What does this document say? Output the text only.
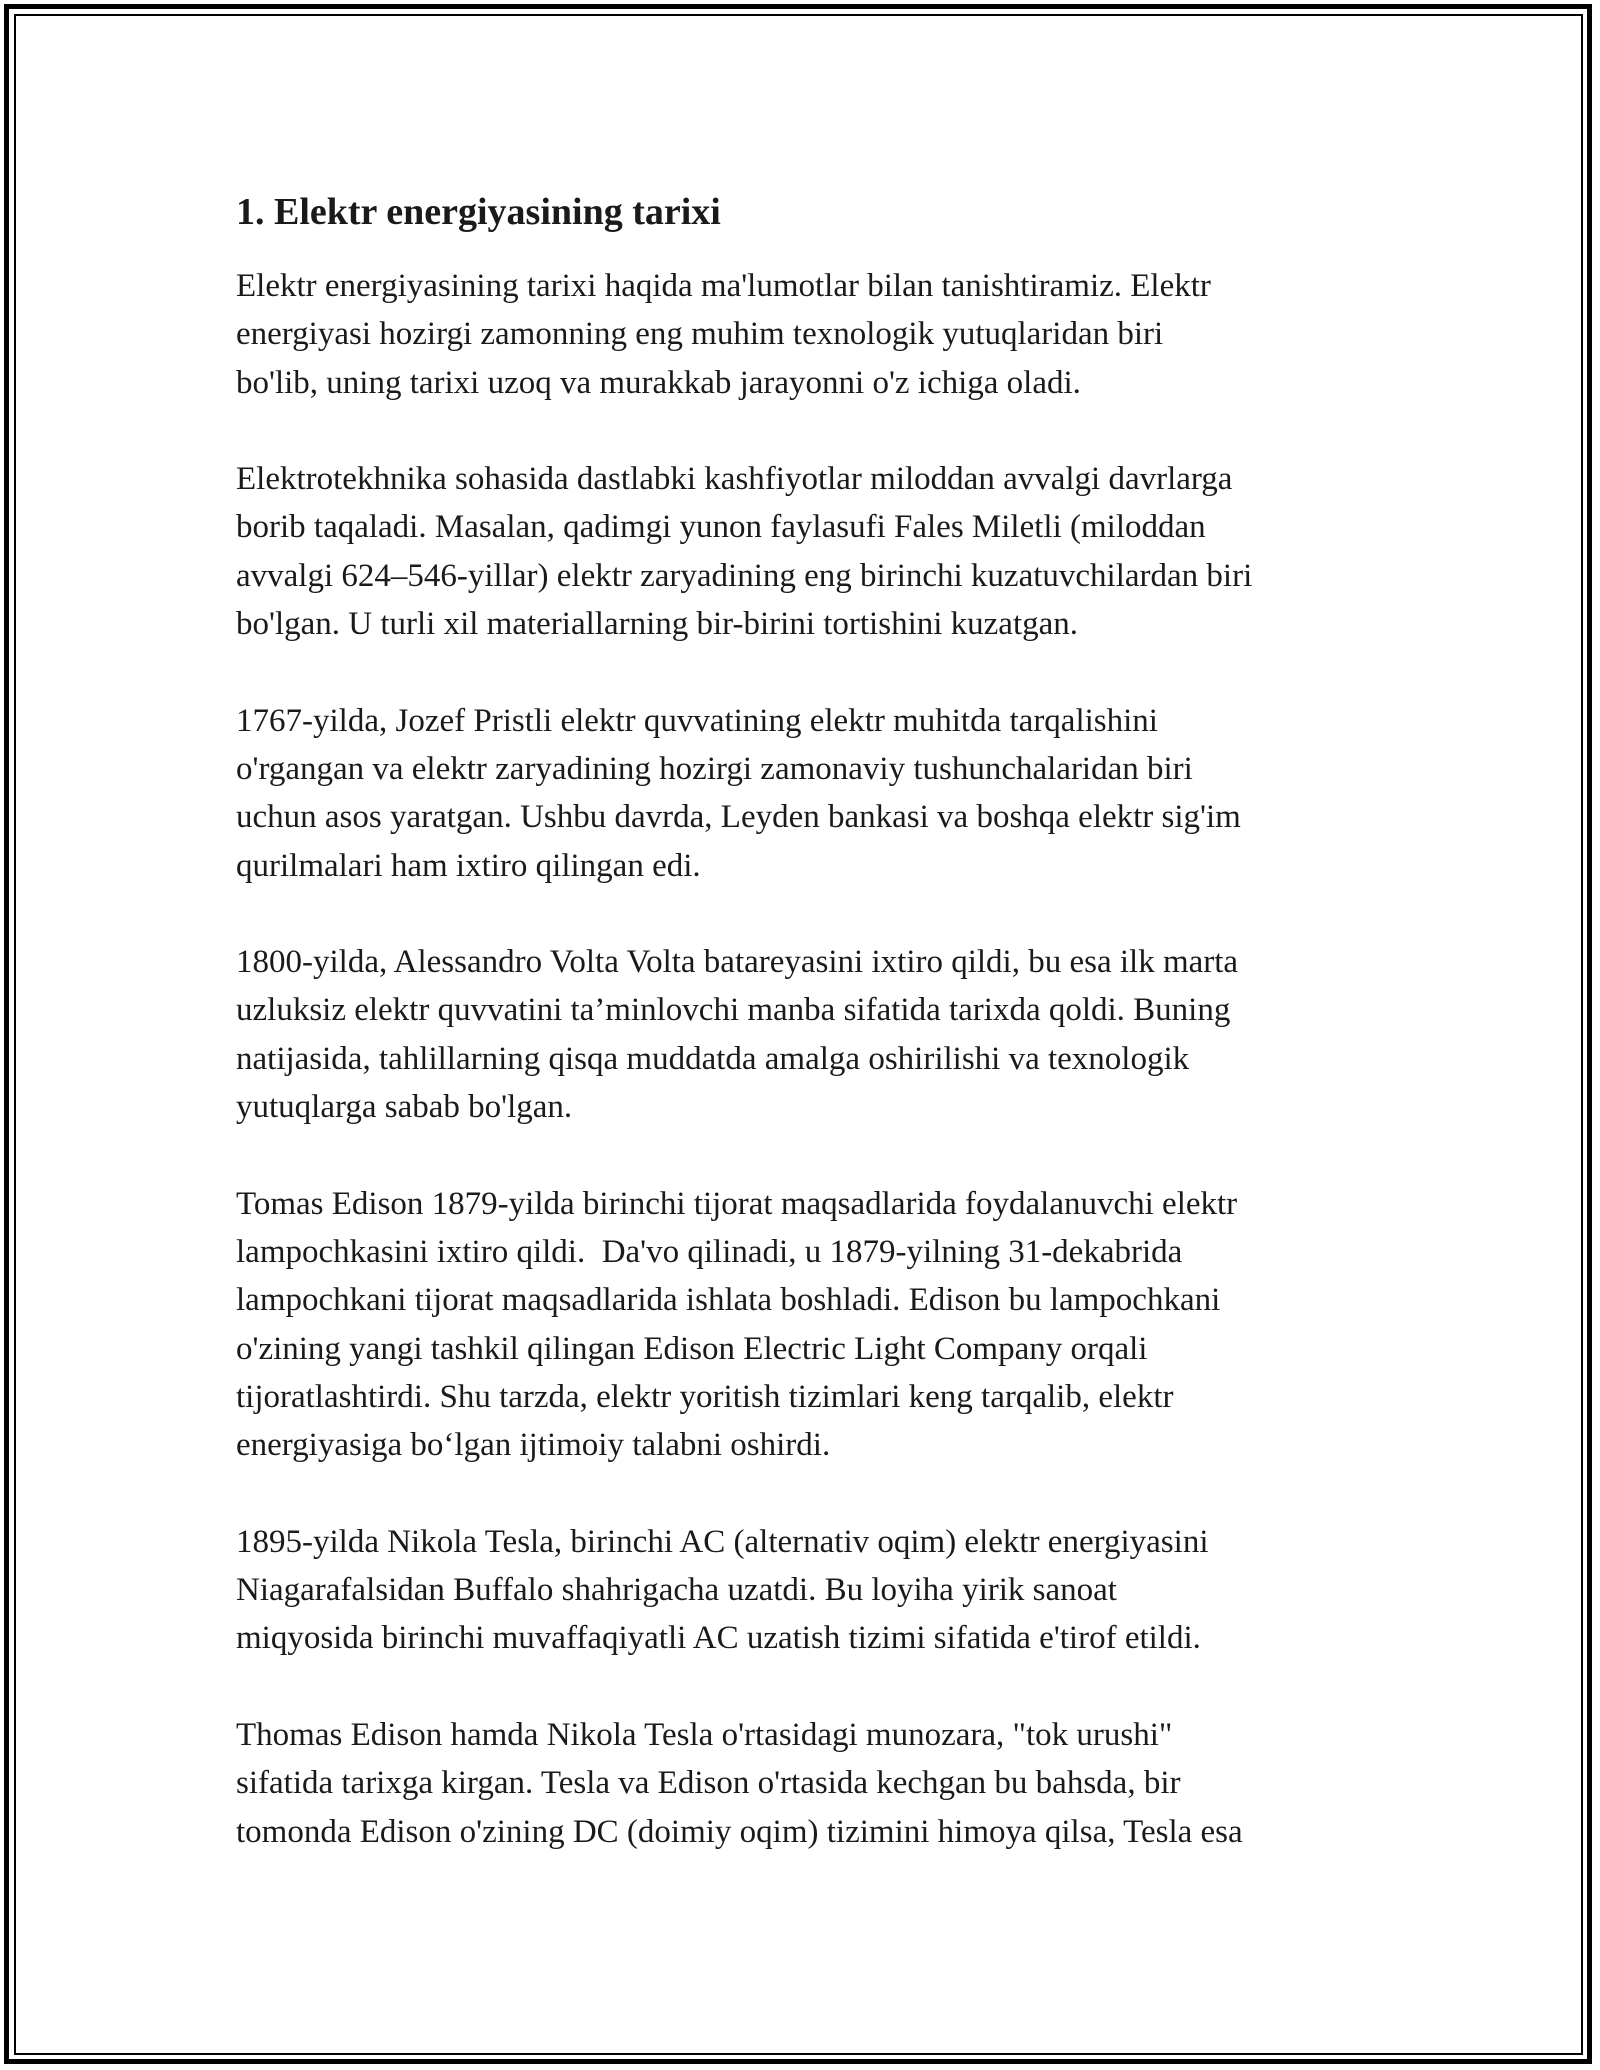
1. Elektr energiyasining tarixi
Elektr energiyasining tarixi haqida ma'lumotlar bilan tanishtiramiz. Elektr
energiyasi hozirgi zamonning eng muhim texnologik yutuqlaridan biri
bo'lib, uning tarixi uzoq va murakkab jarayonni o'z ichiga oladi.
Elektrotekhnika sohasida dastlabki kashfiyotlar miloddan avvalgi davrlarga
borib taqaladi. Masalan, qadimgi yunon faylasufi Fales Miletli (miloddan
avvalgi 624–546-yillar) elektr zaryadining eng birinchi kuzatuvchilardan biri
bo'lgan. U turli xil materiallarning bir-birini tortishini kuzatgan.
1767-yilda, Jozef Pristli elektr quvvatining elektr muhitda tarqalishini
o'rgangan va elektr zaryadining hozirgi zamonaviy tushunchalaridan biri
uchun asos yaratgan. Ushbu davrda, Leyden bankasi va boshqa elektr sig'im
qurilmalari ham ixtiro qilingan edi.
1800-yilda, Alessandro Volta Volta batareyasini ixtiro qildi, bu esa ilk marta
uzluksiz elektr quvvatini ta’minlovchi manba sifatida tarixda qoldi. Buning
natijasida, tahlillarning qisqa muddatda amalga oshirilishi va texnologik
yutuqlarga sabab bo'lgan.
Tomas Edison 1879-yilda birinchi tijorat maqsadlarida foydalanuvchi elektr
lampochkasini ixtiro qildi.  Da'vo qilinadi, u 1879-yilning 31-dekabrida
lampochkani tijorat maqsadlarida ishlata boshladi. Edison bu lampochkani
o'zining yangi tashkil qilingan Edison Electric Light Company orqali
tijoratlashtirdi. Shu tarzda, elektr yoritish tizimlari keng tarqalib, elektr
energiyasiga bo‘lgan ijtimoiy talabni oshirdi.
1895-yilda Nikola Tesla, birinchi AC (alternativ oqim) elektr energiyasini
Niagarafalsidan Buffalo shahrigacha uzatdi. Bu loyiha yirik sanoat
miqyosida birinchi muvaffaqiyatli AC uzatish tizimi sifatida e'tirof etildi.
Thomas Edison hamda Nikola Tesla o'rtasidagi munozara, "tok urushi"
sifatida tarixga kirgan. Tesla va Edison o'rtasida kechgan bu bahsda, bir
tomonda Edison o'zining DC (doimiy oqim) tizimini himoya qilsa, Tesla esa
